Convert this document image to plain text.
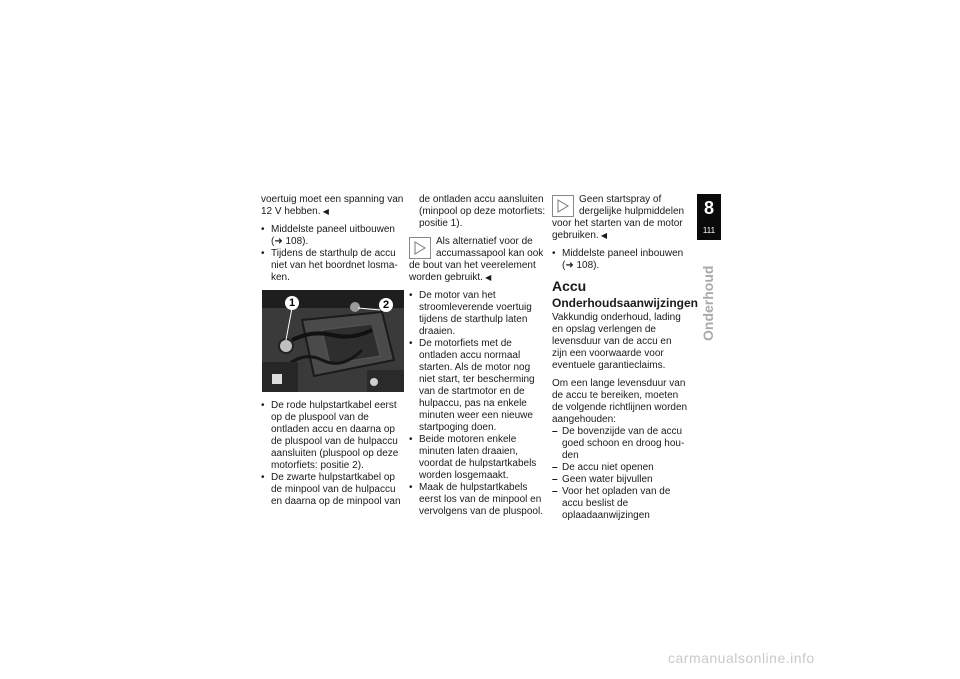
voertuig moet een spanning van 12 V hebben. ◀

• Middelste paneel uitbouwen (➜ 108).
• Tijdens de starthulp de accu niet van het boordnet losmaken.
1	2
• De rode hulpstartkabel eerst op de pluspool van de ontladen accu en daarna op de pluspool van de hulpaccu aansluiten (pluspool op deze motorfiets: positie 2).
• De zwarte hulpstartkabel op de minpool van de hulpaccu en daarna op de minpool van

de ontladen accu aansluiten (minpool op deze motorfiets: positie 1).

Als alternatief voor de accumassapool kan ook de bout van het veerelement worden gebruikt. ◀
• De motor van het stroomleverende voertuig tijdens de starthulp laten draaien.
• De motorfiets met de ontladen accu normaal starten. Als de motor nog niet start, ter bescherming van de startmotor en de hulpaccu, pas na enkele minuten weer een nieuwe startpoging doen.
• Beide motoren enkele minuten laten draaien, voordat de hulpstartkabels worden losgemaakt.
• Maak de hulpstartkabels eerst los van de minpool en vervolgens van de pluspool.
Geen startspray of dergelijke hulpmiddelen voor het starten van de motor gebruiken. ◀
• Middelste paneel inbouwen (➜ 108).
Accu
Onderhoudsaanwijzingen

Vakkundig onderhoud, lading en opslag verlengen de levensduur van de accu en zijn een voorwaarde voor eventuele garantieclaims.

Om een lange levensduur van de accu te bereiken, moeten de volgende richtlijnen worden aangehouden:

– De bovenzijde van de accu goed schoon en droog houden
– De accu niet openen
– Geen water bijvullen
– Voor het opladen van de accu beslist de oplaadaanwijzingen
8
111
Onderhoud
carmanualsonline.info
